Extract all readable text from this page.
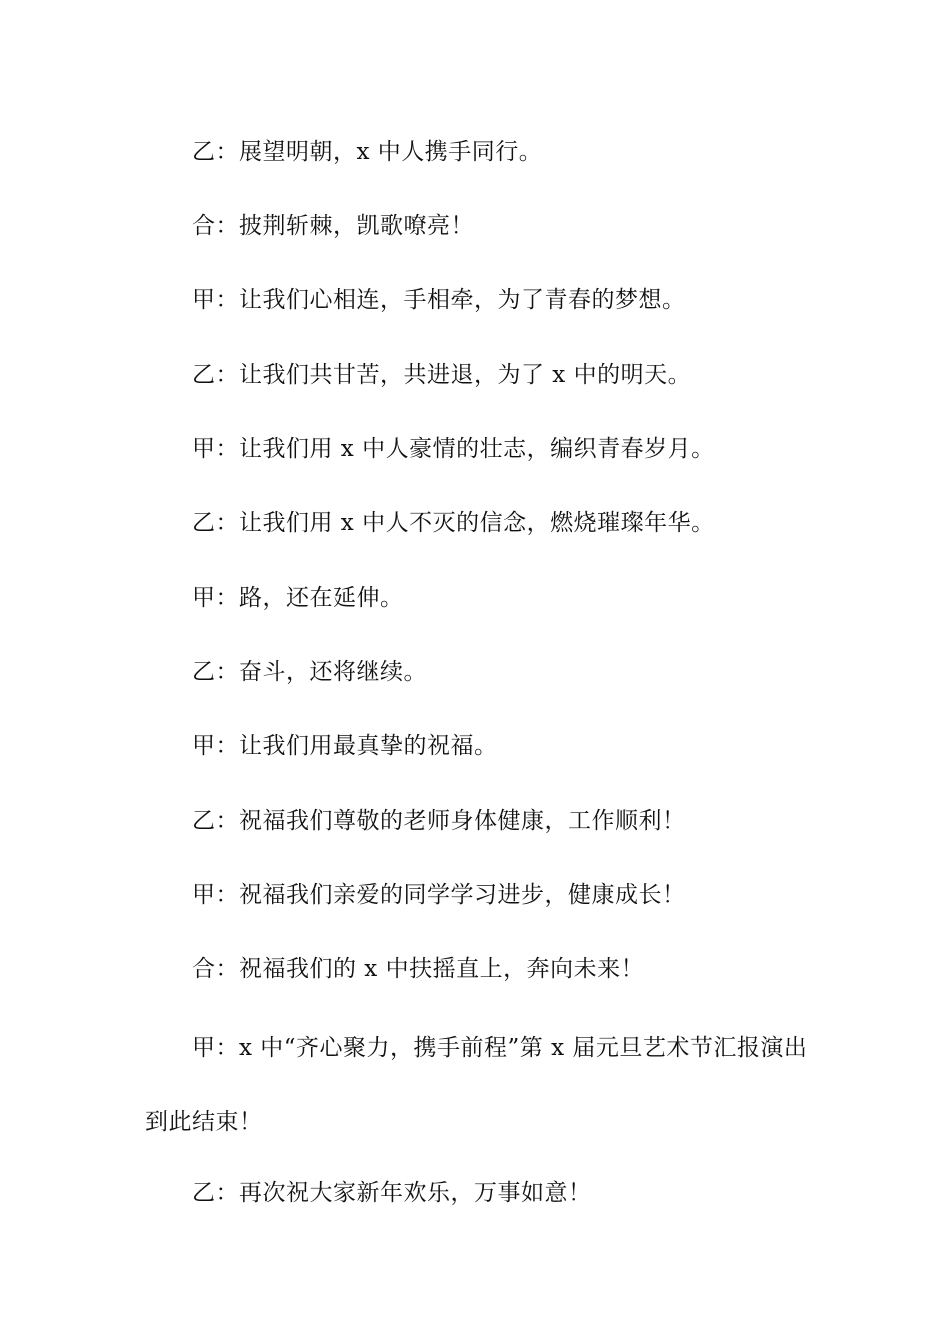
乙：展望明朝，x 中人携手同行。

合：披荆斩棘，凯歌嘹亮！

甲：让我们心相连，手相牵，为了青春的梦想。

乙：让我们共甘苦，共进退，为了 x 中的明天。

甲：让我们用 x 中人豪情的壮志，编织青春岁月。

乙：让我们用 x 中人不灭的信念，燃烧璀璨年华。

甲：路，还在延伸。

乙：奋斗，还将继续。

甲：让我们用最真挚的祝福。

乙：祝福我们尊敬的老师身体健康，工作顺利！

甲：祝福我们亲爱的同学学习进步，健康成长！

合：祝福我们的 x 中扶摇直上，奔向未来！

甲：x 中“齐心聚力，携手前程”第 x 届元旦艺术节汇报演出到此结束！

乙：再次祝大家新年欢乐，万事如意！
